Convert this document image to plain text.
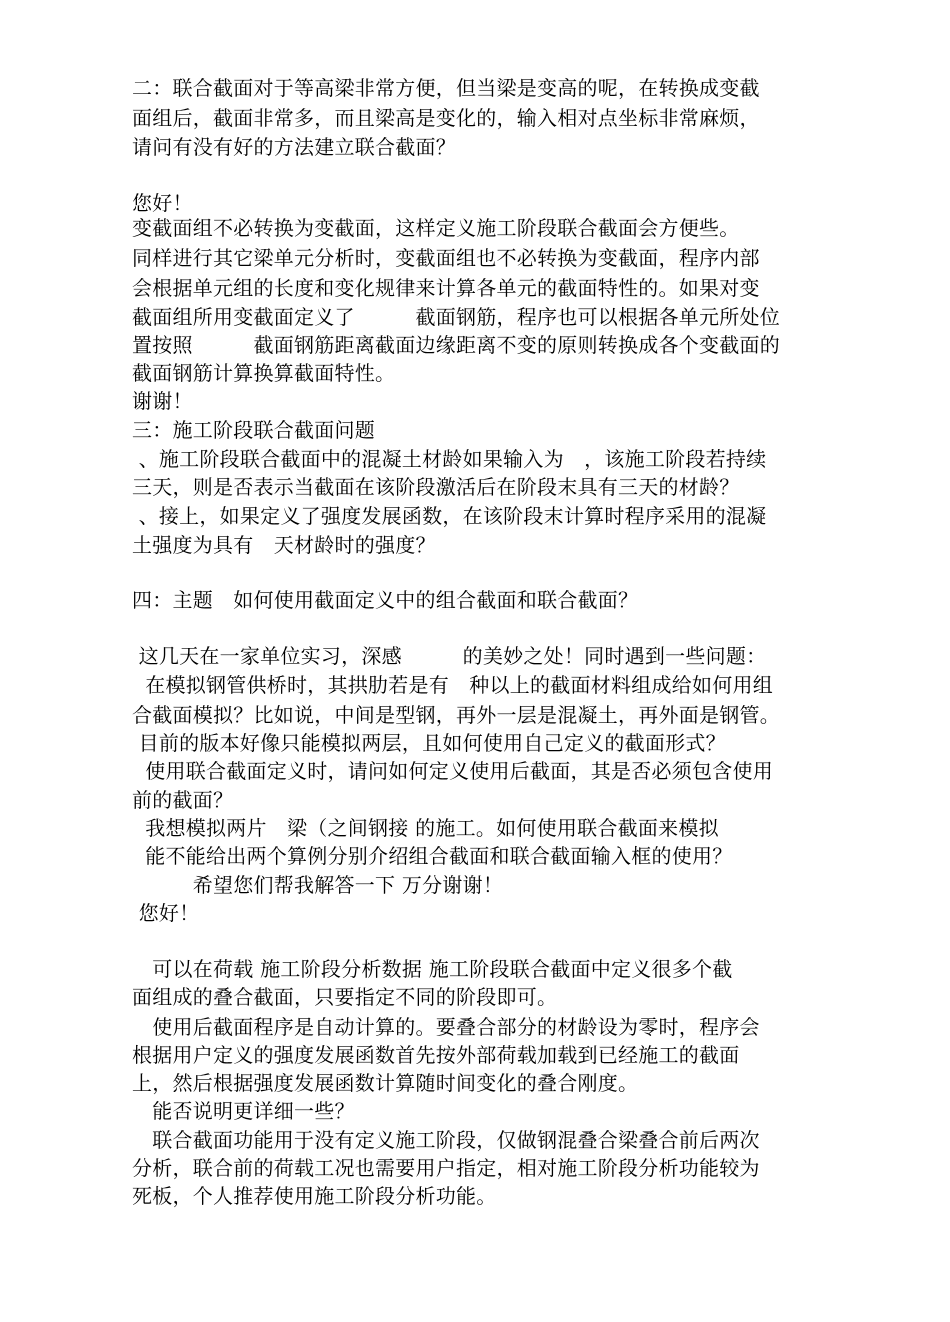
二：联合截面对于等高梁非常方便，但当梁是变高的呢，在转换成变截
面组后，截面非常多，而且梁高是变化的，输入相对点坐标非常麻烦，
请问有没有好的方法建立联合截面？
您好！
变截面组不必转换为变截面，这样定义施工阶段联合截面会方便些。
同样进行其它梁单元分析时，变截面组也不必转换为变截面，程序内部
会根据单元组的长度和变化规律来计算各单元的截面特性的。如果对变
截面组所用变截面定义了　　　截面钢筋，程序也可以根据各单元所处位
置按照　　　截面钢筋距离截面边缘距离不变的原则转换成各个变截面的
截面钢筋计算换算截面特性。
谢谢！
三：施工阶段联合截面问题
、施工阶段联合截面中的混凝土材龄如果输入为　，该施工阶段若持续
三天，则是否表示当截面在该阶段激活后在阶段末具有三天的材龄？
、接上，如果定义了强度发展函数，在该阶段末计算时程序采用的混凝
土强度为具有　天材龄时的强度？
四：主题　如何使用截面定义中的组合截面和联合截面？
这几天在一家单位实习，深感　　　的美妙之处！同时遇到一些问题：
在模拟钢管供桥时，其拱肋若是有　种以上的截面材料组成给如何用组
合截面模拟？比如说，中间是型钢，再外一层是混凝土，再外面是钢管。
目前的版本好像只能模拟两层，且如何使用自己定义的截面形式？
使用联合截面定义时，请问如何定义使用后截面，其是否必须包含使用
前的截面？
我想模拟两片　梁（之间钢接 的施工。如何使用联合截面来模拟
能不能给出两个算例分别介绍组合截面和联合截面输入框的使用？
　　　希望您们帮我解答一下 万分谢谢！
您好！
　可以在荷载 施工阶段分析数据 施工阶段联合截面中定义很多个截
面组成的叠合截面，只要指定不同的阶段即可。
　使用后截面程序是自动计算的。要叠合部分的材龄设为零时，程序会
根据用户定义的强度发展函数首先按外部荷载加载到已经施工的截面
上，然后根据强度发展函数计算随时间变化的叠合刚度。
　能否说明更详细一些？
　联合截面功能用于没有定义施工阶段，仅做钢混叠合梁叠合前后两次
分析，联合前的荷载工况也需要用户指定，相对施工阶段分析功能较为
死板，个人推荐使用施工阶段分析功能。
